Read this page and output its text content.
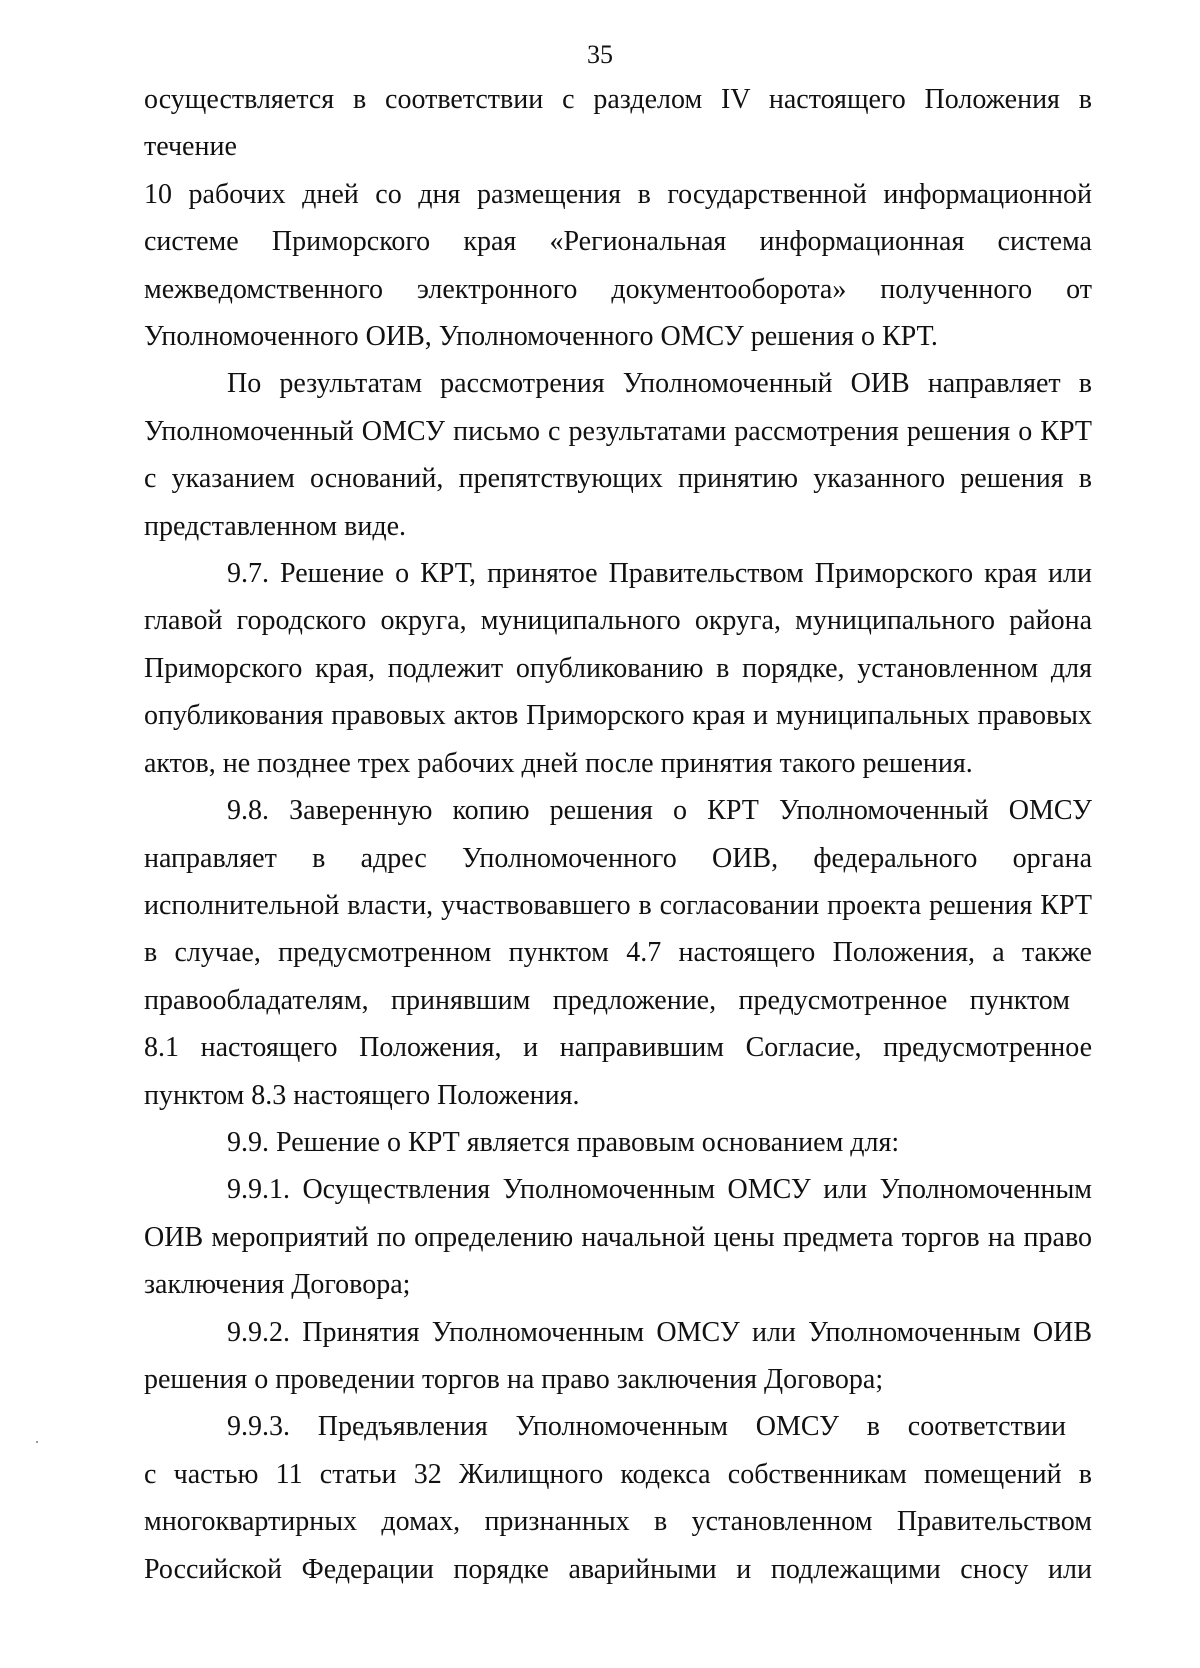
35
осуществляется в соответствии с разделом IV настоящего Положения в течение
10 рабочих дней со дня размещения в государственной информационной
системе Приморского края «Региональная информационная система
межведомственного электронного документооборота» полученного от
Уполномоченного ОИВ, Уполномоченного ОМСУ решения о КРТ.
По результатам рассмотрения Уполномоченный ОИВ направляет в
Уполномоченный ОМСУ письмо с результатами рассмотрения решения о КРТ
с указанием оснований, препятствующих принятию указанного решения в
представленном виде.
9.7. Решение о КРТ, принятое Правительством Приморского края или
главой городского округа, муниципального округа, муниципального района
Приморского края, подлежит опубликованию в порядке, установленном для
опубликования правовых актов Приморского края и муниципальных правовых
актов, не позднее трех рабочих дней после принятия такого решения.
9.8. Заверенную копию решения о КРТ Уполномоченный ОМСУ
направляет в адрес Уполномоченного ОИВ, федерального органа
исполнительной власти, участвовавшего в согласовании проекта решения КРТ
в случае, предусмотренном пунктом 4.7 настоящего Положения, а также
правообладателям, принявшим предложение, предусмотренное пунктом
8.1 настоящего Положения, и направившим Согласие, предусмотренное
пунктом 8.3 настоящего Положения.
9.9. Решение о КРТ является правовым основанием для:
9.9.1. Осуществления Уполномоченным ОМСУ или Уполномоченным
ОИВ мероприятий по определению начальной цены предмета торгов на право
заключения Договора;
9.9.2. Принятия Уполномоченным ОМСУ или Уполномоченным ОИВ
решения о проведении торгов на право заключения Договора;
9.9.3. Предъявления Уполномоченным ОМСУ в соответствии
с частью 11 статьи 32 Жилищного кодекса собственникам помещений в
многоквартирных домах, признанных в установленном Правительством
Российской Федерации порядке аварийными и подлежащими сносу или
